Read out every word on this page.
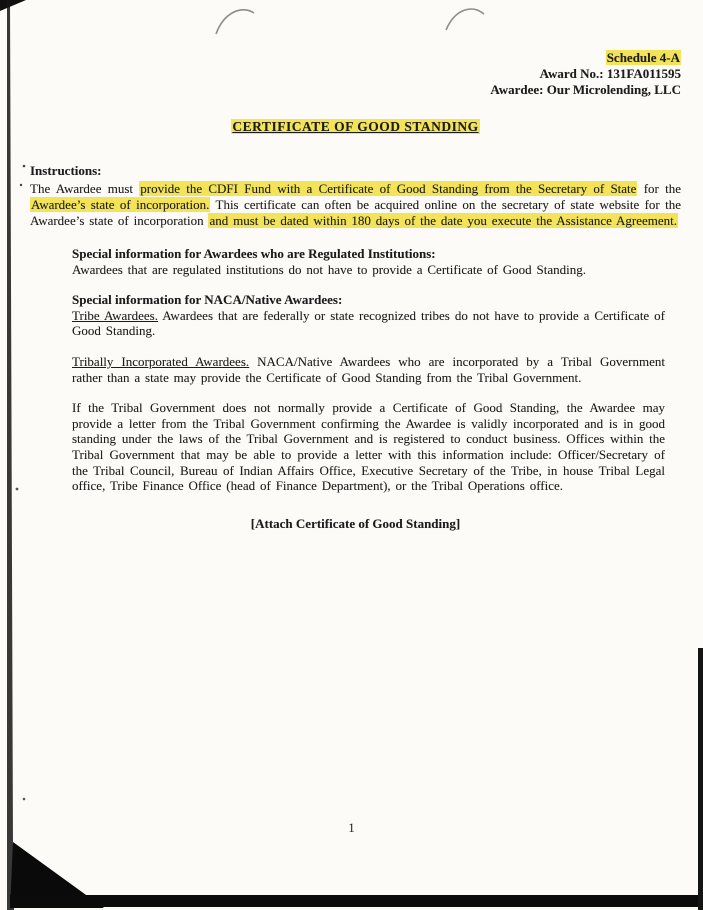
Schedule 4-A
Award No.: 131FA011595
Awardee: Our Microlending, LLC
CERTIFICATE OF GOOD STANDING
Instructions:

The Awardee must provide the CDFI Fund with a Certificate of Good Standing from the Secretary of State for the Awardee’s state of incorporation. This certificate can often be acquired online on the secretary of state website for the Awardee’s state of incorporation and must be dated within 180 days of the date you execute the Assistance Agreement.

Special information for Awardees who are Regulated Institutions:

Awardees that are regulated institutions do not have to provide a Certificate of Good Standing.

Special information for NACA/Native Awardees:

Tribe Awardees. Awardees that are federally or state recognized tribes do not have to provide a Certificate of Good Standing.

Tribally Incorporated Awardees. NACA/Native Awardees who are incorporated by a Tribal Government rather than a state may provide the Certificate of Good Standing from the Tribal Government.

If the Tribal Government does not normally provide a Certificate of Good Standing, the Awardee may provide a letter from the Tribal Government confirming the Awardee is validly incorporated and is in good standing under the laws of the Tribal Government and is registered to conduct business. Offices within the Tribal Government that may be able to provide a letter with this information include: Officer/Secretary of the Tribal Council, Bureau of Indian Affairs Office, Executive Secretary of the Tribe, in house Tribal Legal office, Tribe Finance Office (head of Finance Department), or the Tribal Operations office.

[Attach Certificate of Good Standing]
1
